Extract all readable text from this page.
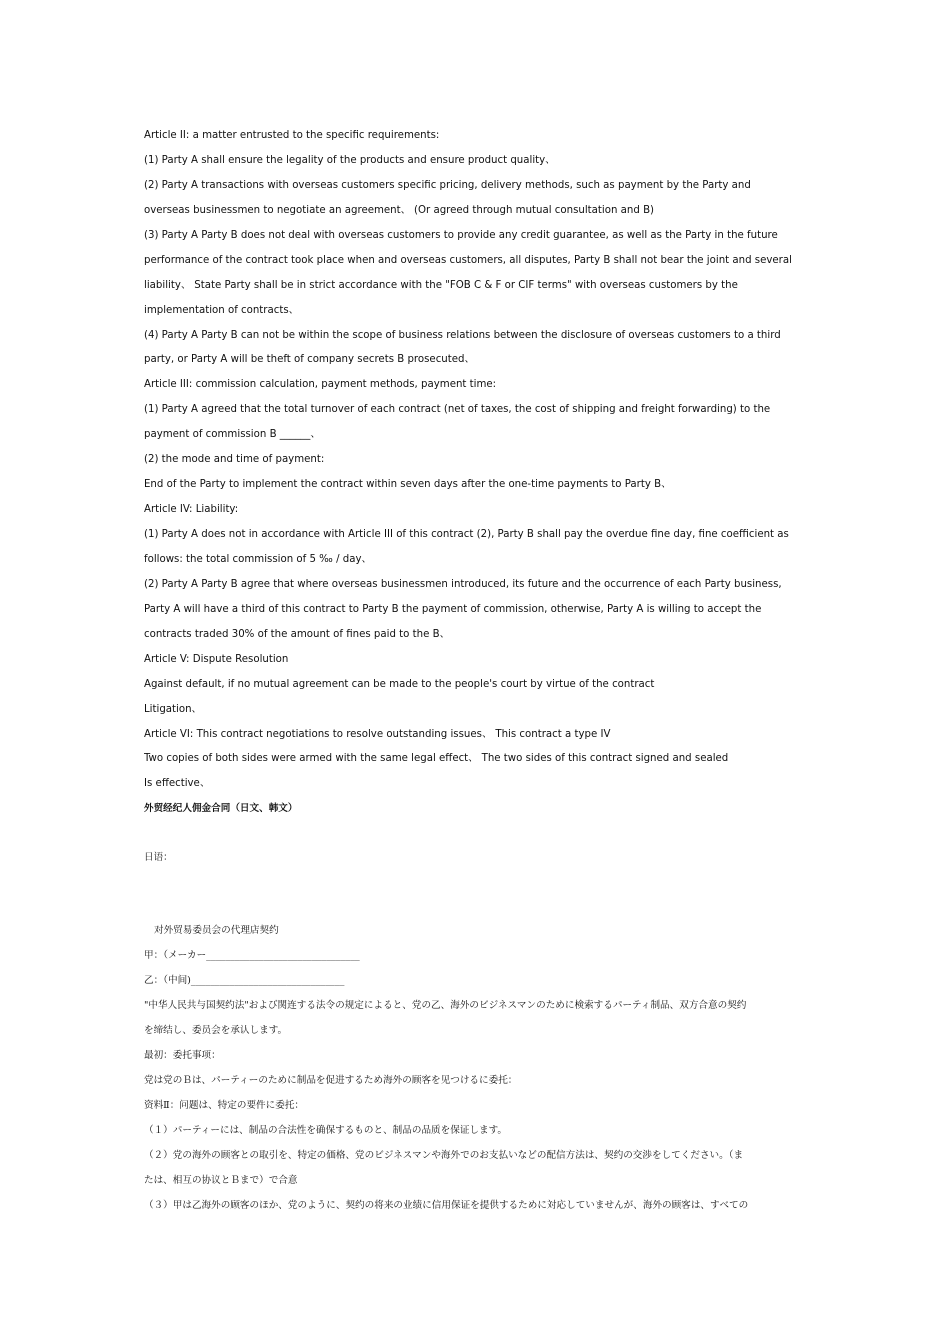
Article II: a matter entrusted to the specific requirements:
(1) Party A shall ensure the legality of the products and ensure product quality、
(2) Party A transactions with overseas customers specific pricing, delivery methods, such as payment by the Party and
overseas businessmen to negotiate an agreement、 (Or agreed through mutual consultation and B)
(3) Party A Party B does not deal with overseas customers to provide any credit guarantee, as well as the Party in the future
performance of the contract took place when and overseas customers, all disputes, Party B shall not bear the joint and several
liability、 State Party shall be in strict accordance with the "FOB C & F or CIF terms" with overseas customers by the
implementation of contracts、
(4) Party A Party B can not be within the scope of business relations between the disclosure of overseas customers to a third
party, or Party A will be theft of company secrets B prosecuted、
Article III: commission calculation, payment methods, payment time:
(1) Party A agreed that the total turnover of each contract (net of taxes, the cost of shipping and freight forwarding) to the
payment of commission B ______、
(2) the mode and time of payment:
End of the Party to implement the contract within seven days after the one-time payments to Party B、
Article IV: Liability:
(1) Party A does not in accordance with Article III of this contract (2), Party B shall pay the overdue fine day, fine coefficient as
follows: the total commission of 5 ‰ / day、
(2) Party A Party B agree that where overseas businessmen introduced, its future and the occurrence of each Party business,
Party A will have a third of this contract to Party B the payment of commission, otherwise, Party A is willing to accept the
contracts traded 30% of the amount of fines paid to the B、
Article V: Dispute Resolution
Against default, if no mutual agreement can be made to the people's court by virtue of the contract
Litigation、
Article VI: This contract negotiations to resolve outstanding issues、 This contract a type IV
Two copies of both sides were armed with the same legal effect、 The two sides of this contract signed and sealed
Is effective、
外贸经纪人佣金合同（日文、韩文）
日语：
对外贸易委员会の代理店契约
甲：（メーカー________________________________
乙：（中间)________________________________
"中华人民共与国契约法"および関连する法令の规定によると、党の乙、海外のビジネスマンのために検索するパーティ制品、双方合意の契约
を缔结し、委员会を承认します。
最初：委托事项：
党は党のＢは、パーティーのために制品を促进するため海外の顾客を见つけるに委托：
资料Ⅱ：问题は、特定の要件に委托：
（１）パーティーには、制品の合法性を确保するものと、制品の品质を保证します。
（２）党の海外の顾客との取引を、特定の価格、党のビジネスマンや海外でのお支払いなどの配信方法は、契约の交渉をしてください。（ま
たは、相互の协议とＢまで）で合意
（３）甲は乙海外の顾客のほか、党のように、契约の将来の业绩に信用保证を提供するために対応していませんが、海外の顾客は、すべての
